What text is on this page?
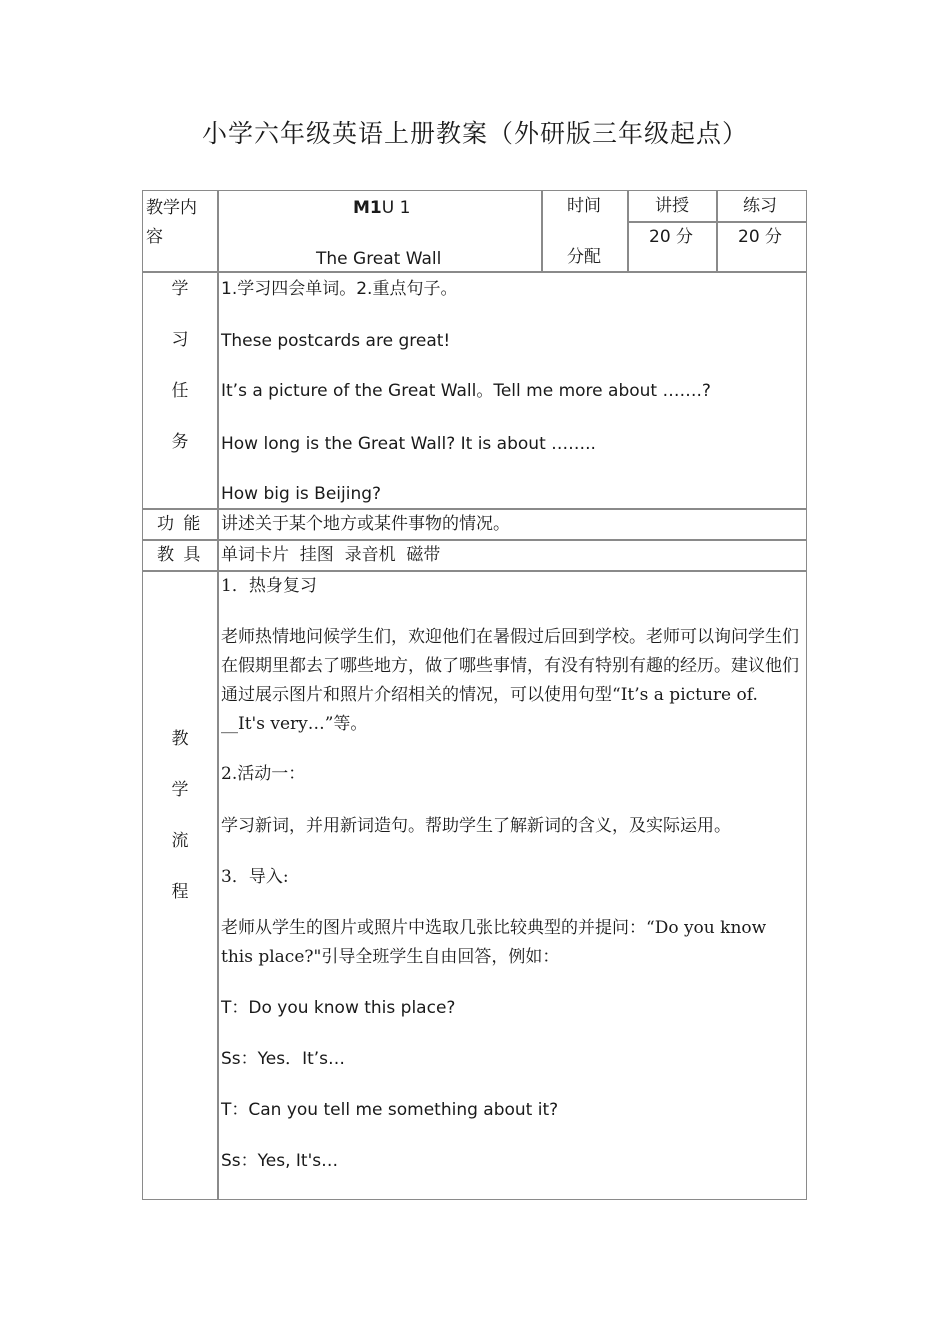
小学六年级英语上册教案（外研版三年级起点）
教学内容
M1U 1
The Great Wall
时间
分配
讲授	练习
20 分	20 分
学
习
任
务
1.学习四会单词。2.重点句子。
These postcards are great!
It’s a picture of the Great Wall。Tell me more about …….?
How long is the Great Wall? It is about ……..
How big is Beijing?
功 能 讲述关于某个地方或某件事物的情况。
教 具 单词卡片  挂图  录音机  磁带
教
学
流
程
1．热身复习
老师热情地问候学生们，欢迎他们在暑假过后回到学校。老师可以询问学生们在假期里都去了哪些地方，做了哪些事情，有没有特别有趣的经历。建议他们通过展示图片和照片介绍相关的情况，可以使用句型“It’s a picture of. __It's very…”等。
2.活动一：
学习新词，并用新词造句。帮助学生了解新词的含义，及实际运用。
3．导入:
老师从学生的图片或照片中选取几张比较典型的并提问：“Do you know this place?"引导全班学生自由回答，例如：
T：Do you know this place?
Ss：Yes．It’s…
T：Can you tell me something about it?
Ss：Yes, It's…
